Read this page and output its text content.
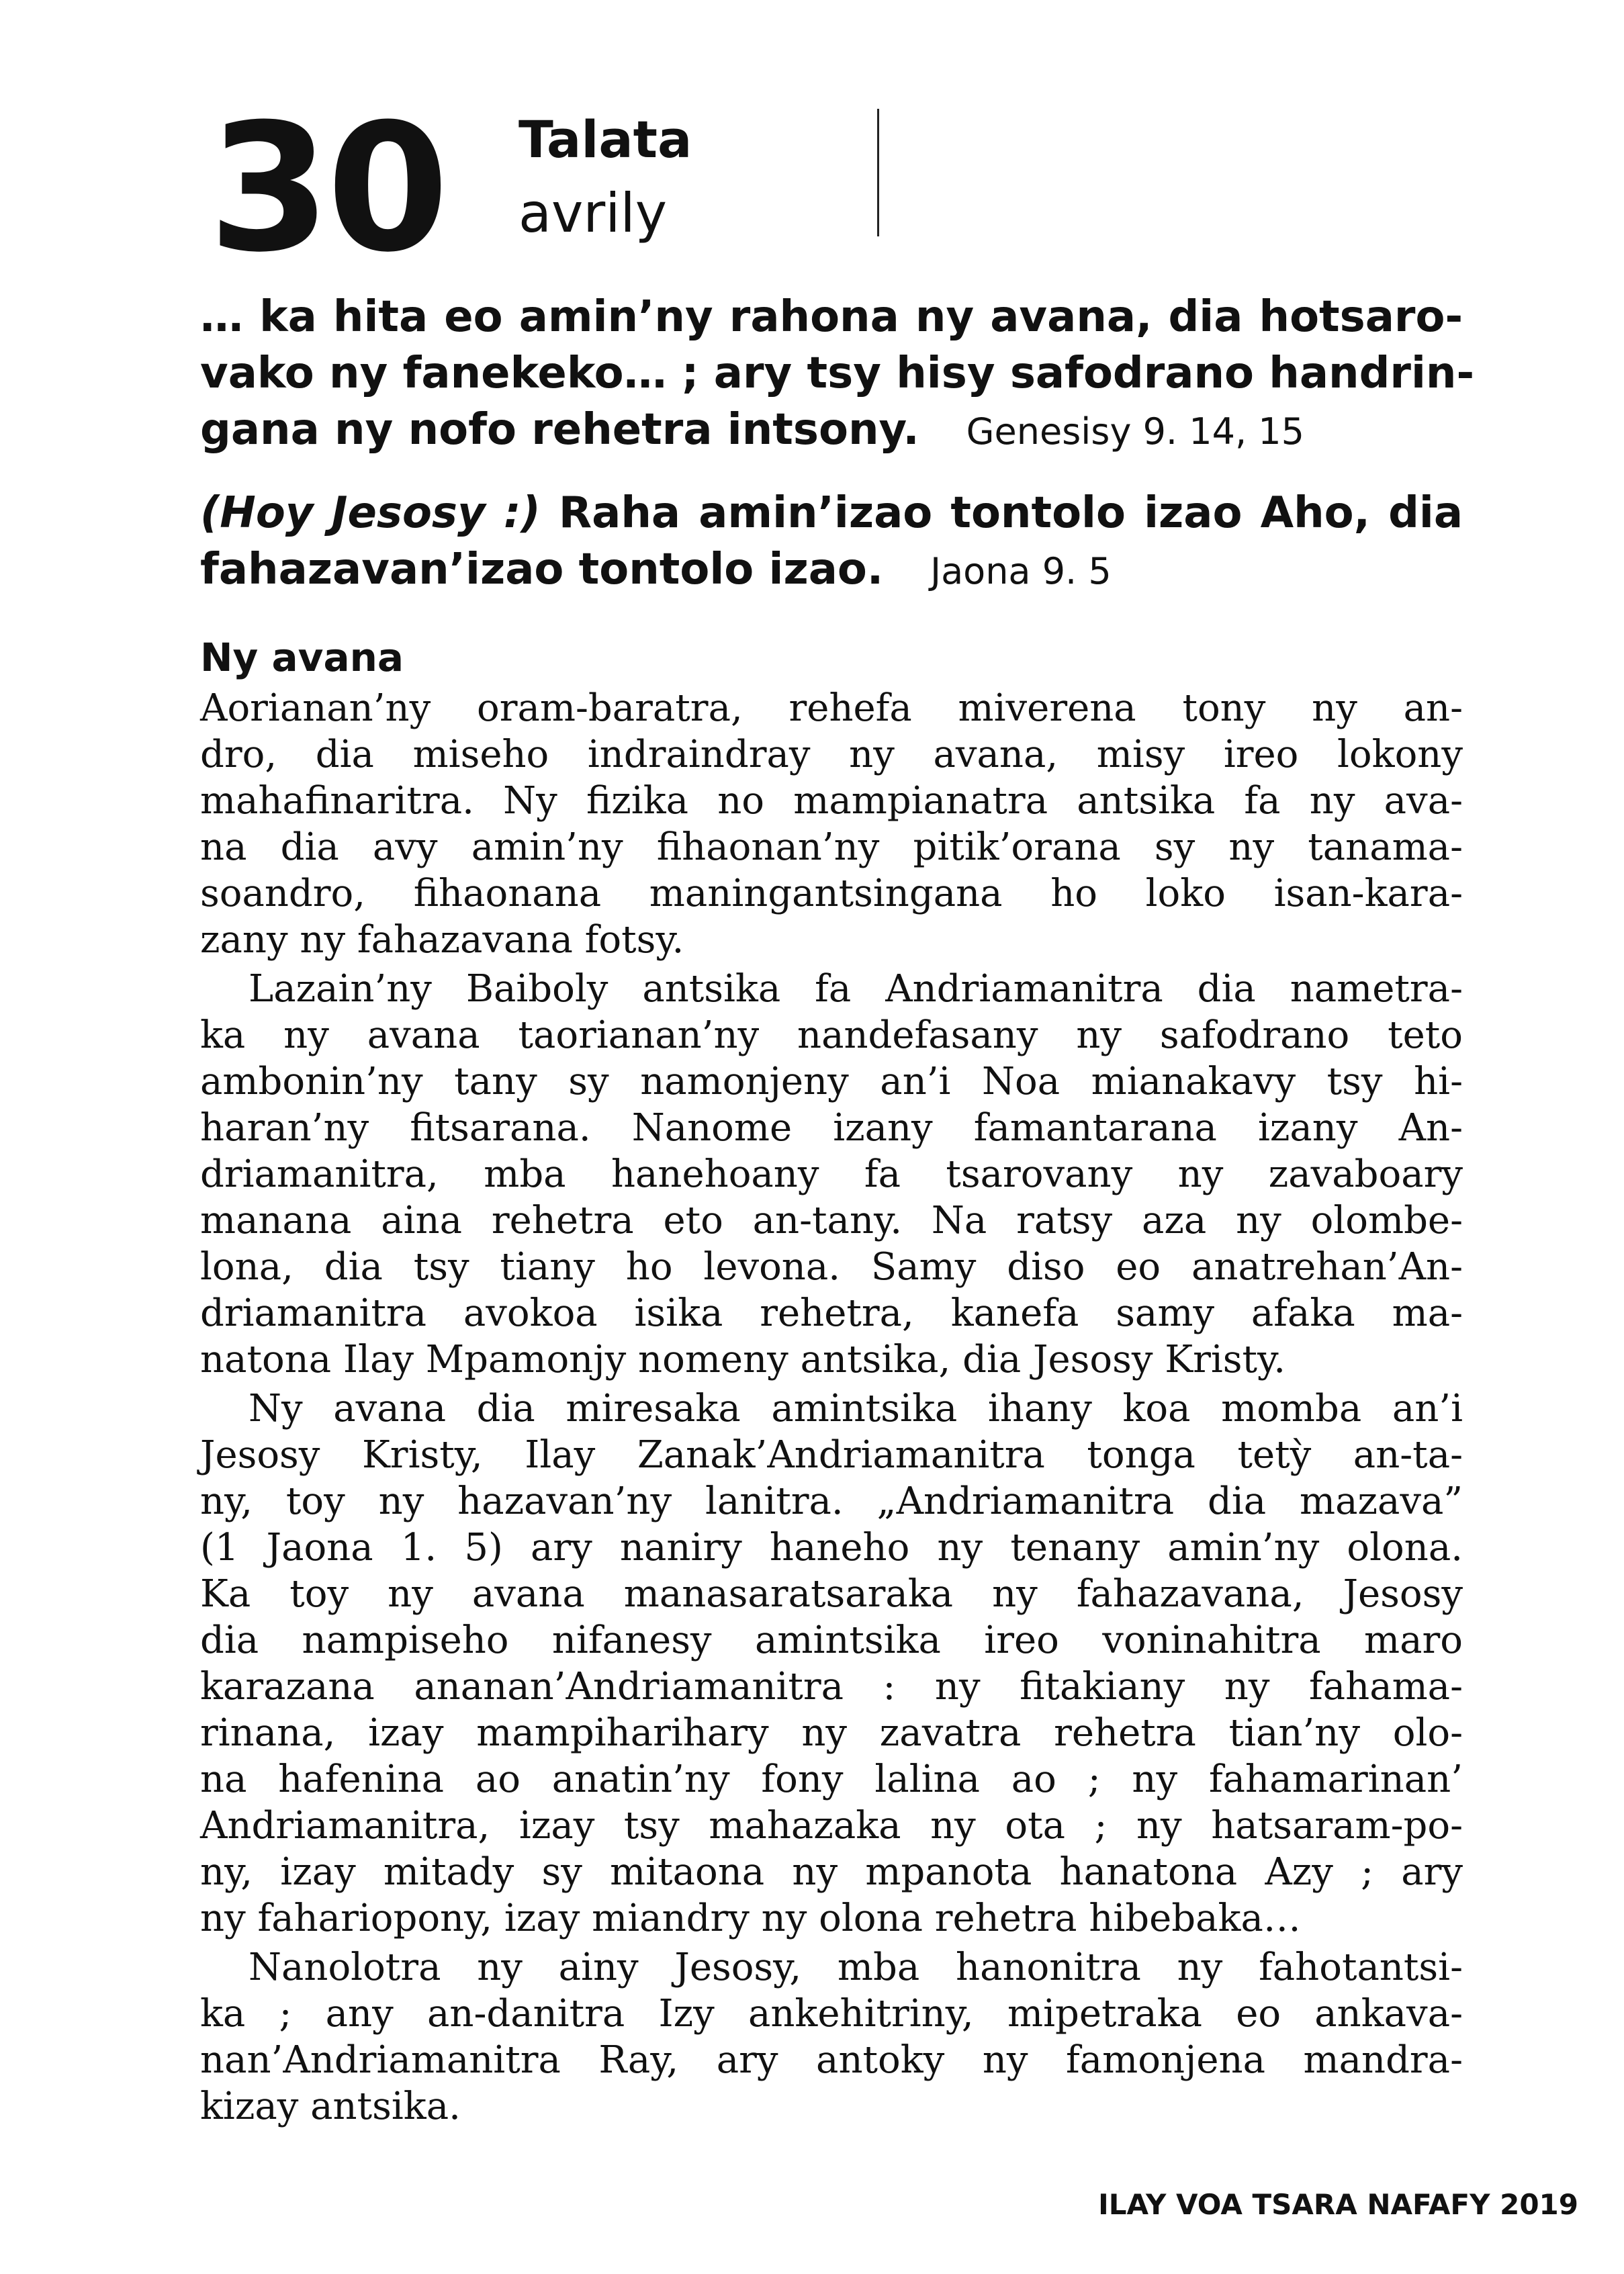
30 Talata
avrily
… ka hita eo amin’ny rahona ny avana, dia hotsaro-
vako ny fanekeko… ; ary tsy hisy safodrano handrin-
gana ny nofo rehetra intsony. Genesisy 9. 14, 15
(Hoy Jesosy :) Raha amin’izao tontolo izao Aho, dia
fahazavan’izao tontolo izao. Jaona 9. 5
Ny avana
Aorianan’ny oram-baratra, rehefa miverena tony ny an-
dro, dia miseho indraindray ny avana, misy ireo lokony
mahafinaritra. Ny fizika no mampianatra antsika fa ny ava-
na dia avy amin’ny fihaonan’ny pitik’orana sy ny tanama-
soandro, fihaonana maningantsingana ho loko isan-kara-
zany ny fahazavana fotsy.
Lazain’ny Baiboly antsika fa Andriamanitra dia nametra-
ka ny avana taorianan’ny nandefasany ny safodrano teto
ambonin’ny tany sy namonjeny an’i Noa mianakavy tsy hi-
haran’ny fitsarana. Nanome izany famantarana izany An-
driamanitra, mba hanehoany fa tsarovany ny zavaboary
manana aina rehetra eto an-tany. Na ratsy aza ny olombe-
lona, dia tsy tiany ho levona. Samy diso eo anatrehan’An-
driamanitra avokoa isika rehetra, kanefa samy afaka ma-
natona Ilay Mpamonjy nomeny antsika, dia Jesosy Kristy.
Ny avana dia miresaka amintsika ihany koa momba an’i
Jesosy Kristy, Ilay Zanak’Andriamanitra tonga tetỳ an-ta-
ny, toy ny hazavan’ny lanitra. „Andriamanitra dia mazava”
(1 Jaona 1. 5) ary naniry haneho ny tenany amin’ny olona.
Ka toy ny avana manasaratsaraka ny fahazavana, Jesosy
dia nampiseho nifanesy amintsika ireo voninahitra maro
karazana ananan’Andriamanitra : ny fitakiany ny fahama-
rinana, izay mampiharihary ny zavatra rehetra tian’ny olo-
na hafenina ao anatin’ny fony lalina ao ; ny fahamarinan’
Andriamanitra, izay tsy mahazaka ny ota ; ny hatsaram-po-
ny, izay mitady sy mitaona ny mpanota hanatona Azy ; ary
ny fahariopony, izay miandry ny olona rehetra hibebaka…
Nanolotra ny ainy Jesosy, mba hanonitra ny fahotantsi-
ka ; any an-danitra Izy ankehitriny, mipetraka eo ankava-
nan’Andriamanitra Ray, ary antoky ny famonjena mandra-
kizay antsika.
ILAY VOA TSARA NAFAFY 2019
